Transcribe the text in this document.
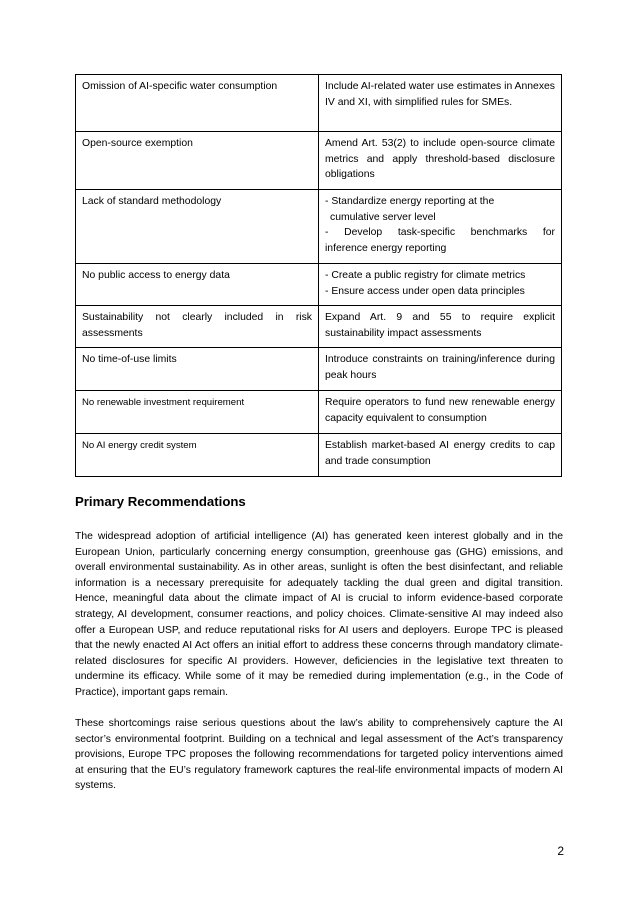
Omission of AI-specific water consumption	Include AI-related water use estimates in Annexes IV and XI, with simplified rules for SMEs.
Open-source exemption	Amend Art. 53(2) to include open-source climate metrics and apply threshold-based disclosure obligations
Lack of standard methodology	- Standardize energy reporting at the
cumulative server level
- Develop task-specific benchmarks for
inference energy reporting

No public access to energy data	- Create a public registry for climate metrics
- Ensure access under open data principles

Sustainability not clearly included in risk assessments	Expand Art. 9 and 55 to require explicit sustainability impact assessments
No time-of-use limits	Introduce constraints on training/inference during peak hours
No renewable investment requirement	Require operators to fund new renewable energy capacity equivalent to consumption
No AI energy credit system	Establish market-based AI energy credits to cap and trade consumption
Primary Recommendations

The widespread adoption of artificial intelligence (AI) has generated keen interest globally and in the European Union, particularly concerning energy consumption, greenhouse gas (GHG) emissions, and overall environmental sustainability. As in other areas, sunlight is often the best disinfectant, and reliable information is a necessary prerequisite for adequately tackling the dual green and digital transition. Hence, meaningful data about the climate impact of AI is crucial to inform evidence-based corporate strategy, AI development, consumer reactions, and policy choices. Climate-sensitive AI may indeed also offer a European USP, and reduce reputational risks for AI users and deployers. Europe TPC is pleased that the newly enacted AI Act offers an initial effort to address these concerns through mandatory climate-related disclosures for specific AI providers. However, deficiencies in the legislative text threaten to undermine its efficacy. While some of it may be remedied during implementation (e.g., in the Code of Practice), important gaps remain.

These shortcomings raise serious questions about the law’s ability to comprehensively capture the AI sector’s environmental footprint. Building on a technical and legal assessment of the Act’s transparency provisions, Europe TPC proposes the following recommendations for targeted policy interventions aimed at ensuring that the EU’s regulatory framework captures the real-life environmental impacts of modern AI systems.

2
